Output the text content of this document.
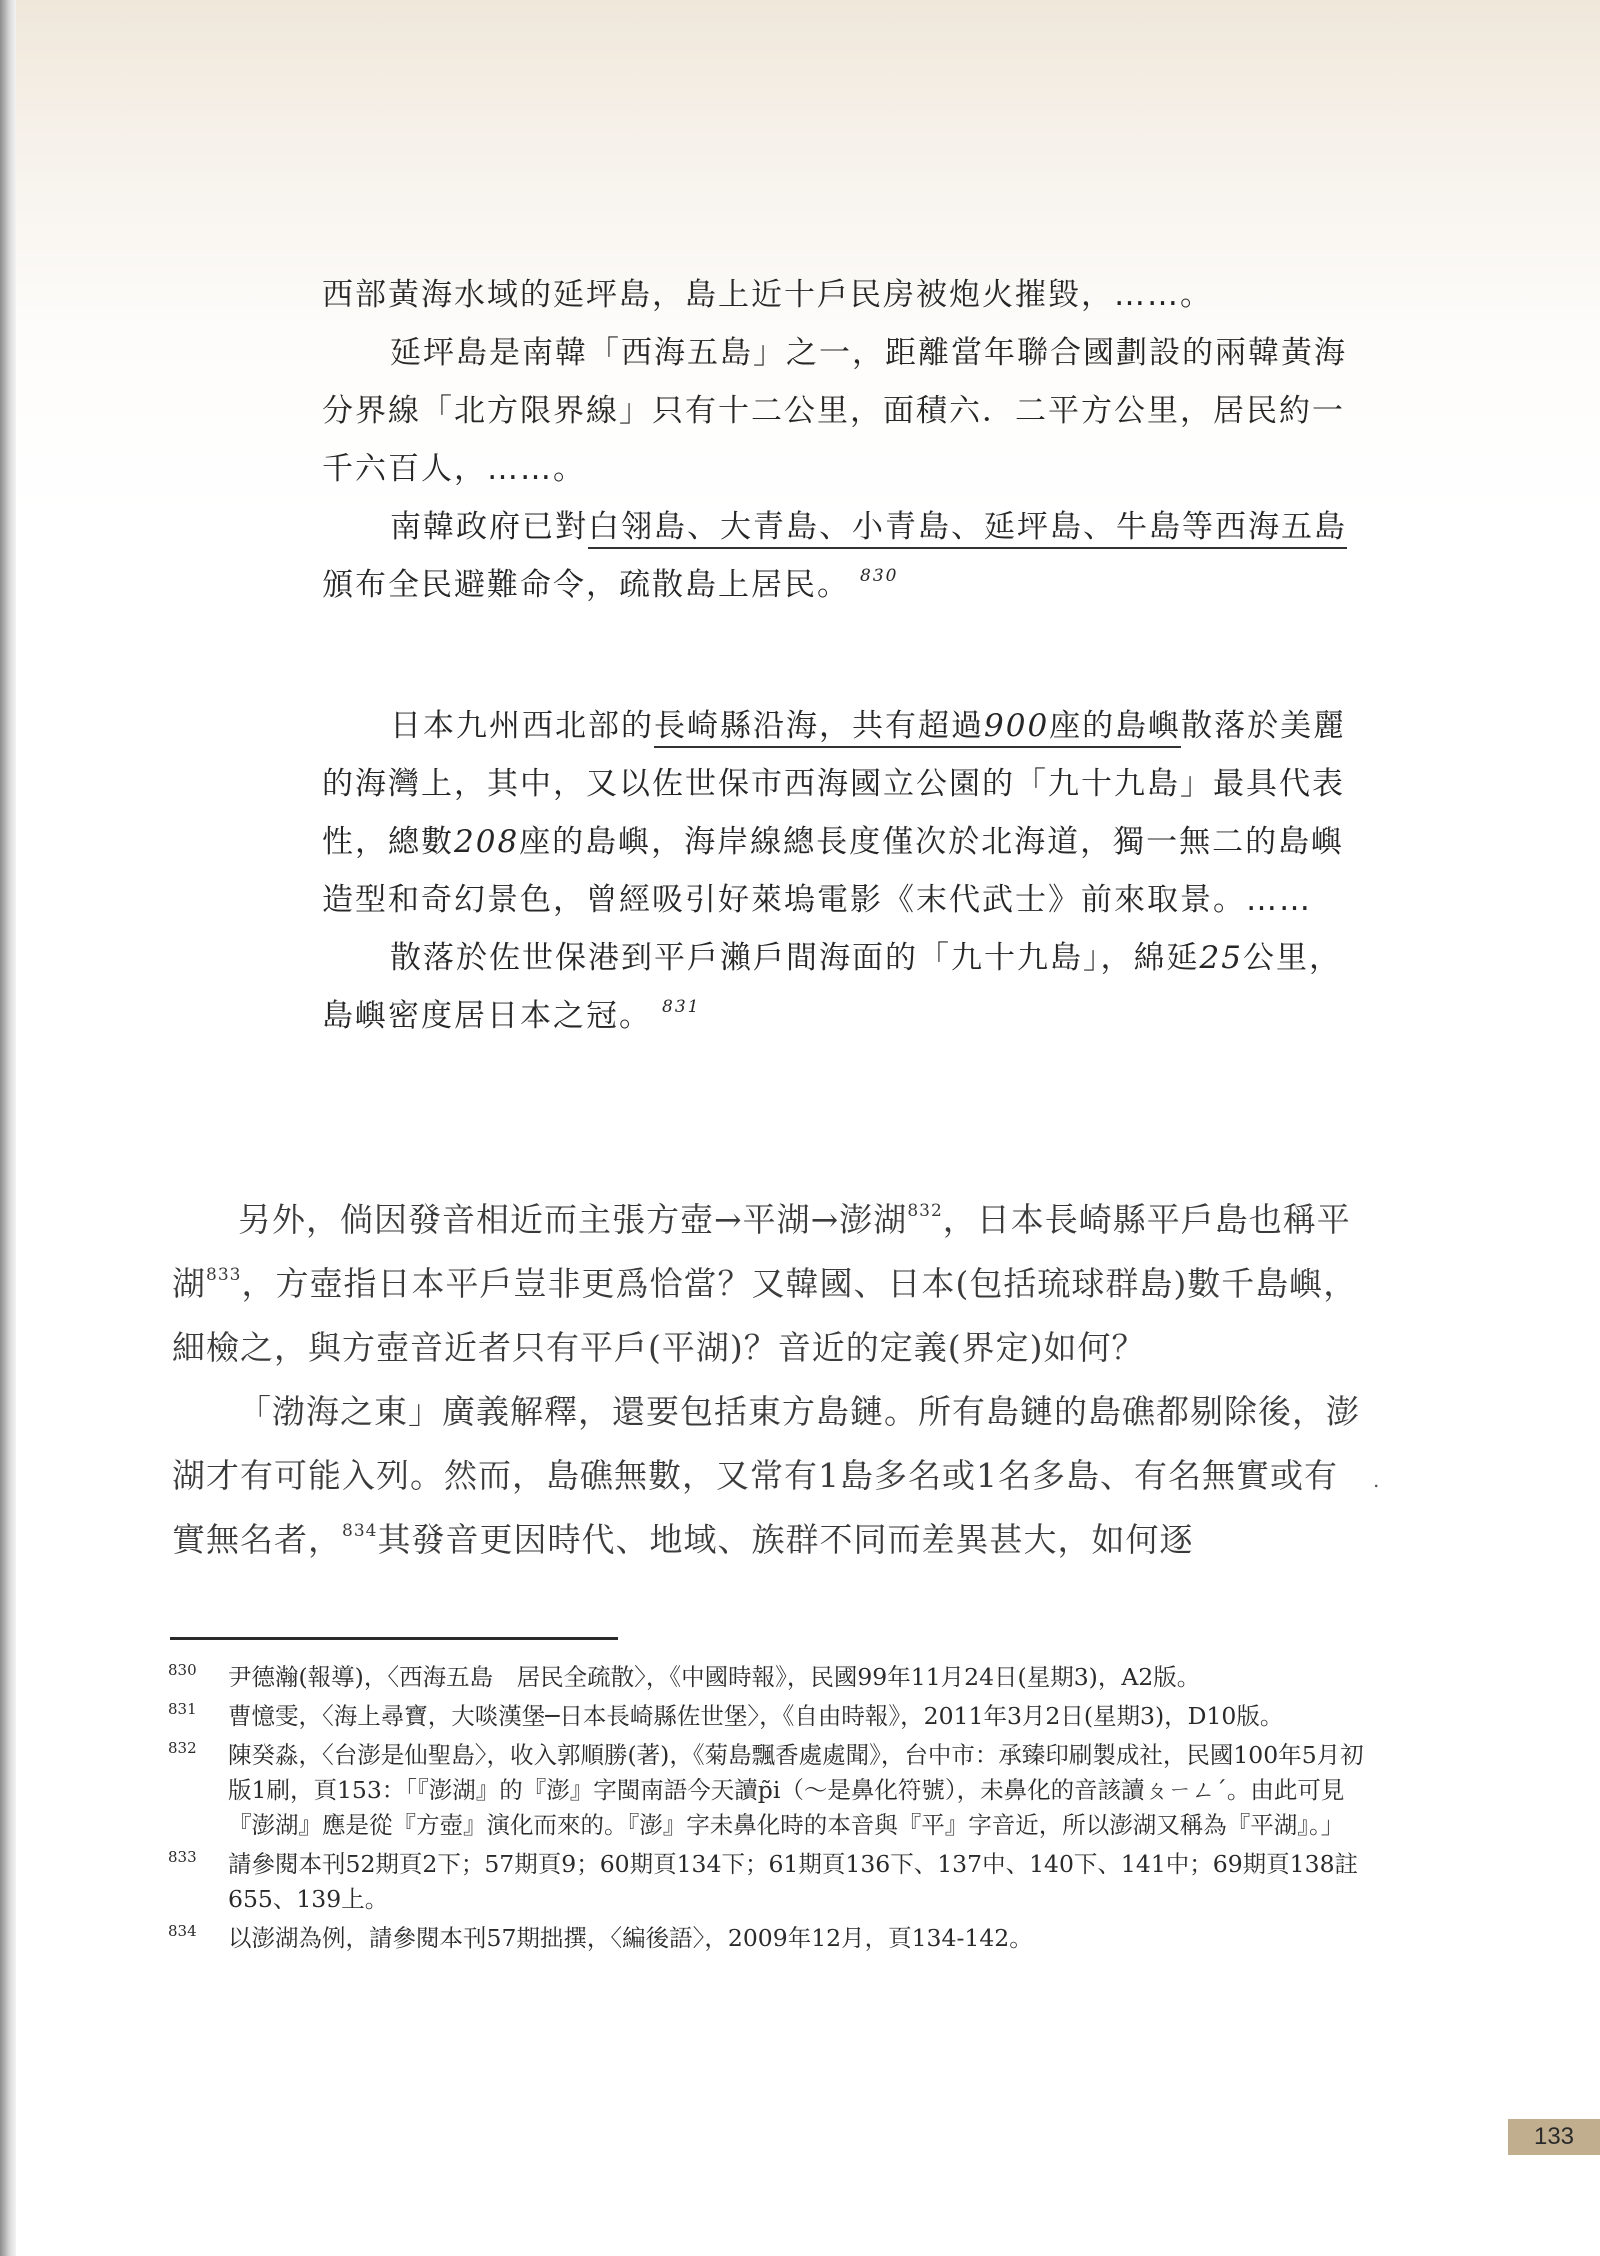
西部黃海水域的延坪島，島上近十戶民房被炮火摧毀，……。

延坪島是南韓「西海五島」之一，距離當年聯合國劃設的兩韓黃海分界線「北方限界線」只有十二公里，面積六．二平方公里，居民約一千六百人，……。

南韓政府已對白翎島、大青島、小青島、延坪島、牛島等西海五島頒布全民避難命令，疏散島上居民。 $^{830}$

日本九州西北部的長崎縣沿海，共有超過900座的島嶼散落於美麗的海灣上，其中，又以佐世保市西海國立公園的「九十九島」最具代表性，總數208座的島嶼，海岸線總長度僅次於北海道，獨一無二的島嶼造型和奇幻景色，曾經吸引好萊塢電影《末代武士》前來取景。……

散落於佐世保港到平戶瀨戶間海面的「九十九島」，綿延25公里，島嶼密度居日本之冠。 $^{831}$

另外，倘因發音相近而主張方壺→平湖→澎湖$^{832}$，日本長崎縣平戶島也稱平湖$^{833}$，方壺指日本平戶豈非更爲恰當？又韓國、日本(包括琉球群島)數千島嶼，細檢之，與方壺音近者只有平戶(平湖)？音近的定義(界定)如何？

「渤海之東」廣義解釋，還要包括東方島鏈。所有島鏈的島礁都剔除後，澎湖才有可能入列。然而，島礁無數，又常有1島多名或1名多島、有名無實或有實無名者，$^{834}$其發音更因時代、地域、族群不同而差異甚大，如何逐

.
830 尹德瀚(報導)，〈西海五島　居民全疏散〉，《中國時報》，民國99年11月24日(星期3)，A2版。
831 曹憶雯，〈海上尋寶，大啖漢堡─日本長崎縣佐世堡〉，《自由時報》，2011年3月2日(星期3)，D10版。
832 陳癸淼，〈台澎是仙聖島〉，收入郭順勝(著)，《菊島飄香處處聞》，台中市：承臻印刷製成社，民國100年5月初版1刷，頁153：「『澎湖』的『澎』字閩南語今天讀p̃i（～是鼻化符號），未鼻化的音該讀ㄆㄧㄥˊ。由此可見『澎湖』應是從『方壺』演化而來的。『澎』字未鼻化時的本音與『平』字音近，所以澎湖又稱為『平湖』。」
833 請參閱本刊52期頁2下；57期頁9；60期頁134下；61期頁136下、137中、140下、141中；69期頁138註655、139上。
834 以澎湖為例，請參閱本刊57期拙撰，〈編後語〉，2009年12月，頁134-142。
133
